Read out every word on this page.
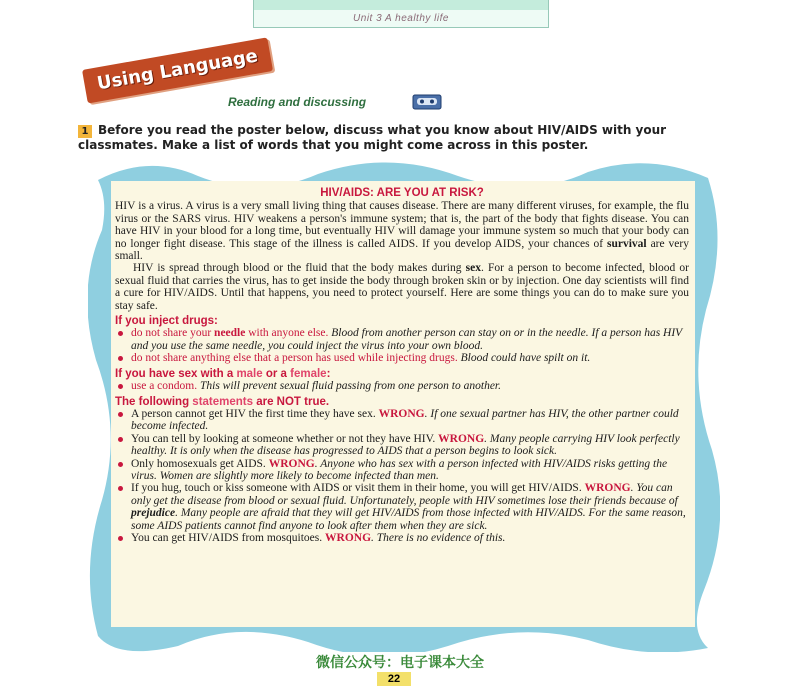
Unit 3 A healthy life
Using Language
Reading and discussing
1 Before you read the poster below, discuss what you know about HIV/AIDS with your classmates. Make a list of words that you might come across in this poster.
HIV/AIDS: ARE YOU AT RISK?

HIV is a virus. A virus is a very small living thing that causes disease. There are many different viruses, for example, the flu virus or the SARS virus. HIV weakens a person's immune system; that is, the part of the body that fights disease. You can have HIV in your blood for a long time, but eventually HIV will damage your immune system so much that your body can no longer fight disease. This stage of the illness is called AIDS. If you develop AIDS, your chances of survival are very small.

HIV is spread through blood or the fluid that the body makes during sex. For a person to become infected, blood or sexual fluid that carries the virus, has to get inside the body through broken skin or by injection. One day scientists will find a cure for HIV/AIDS. Until that happens, you need to protect yourself. Here are some things you can do to make sure you stay safe.

If you inject drugs:
do not share your needle with anyone else. Blood from another person can stay on or in the needle. If a person has HIV and you use the same needle, you could inject the virus into your own blood.
do not share anything else that a person has used while injecting drugs. Blood could have spilt on it.
If you have sex with a male or a female:
use a condom. This will prevent sexual fluid passing from one person to another.
The following statements are NOT true.
A person cannot get HIV the first time they have sex. WRONG. If one sexual partner has HIV, the other partner could become infected.
You can tell by looking at someone whether or not they have HIV. WRONG. Many people carrying HIV look perfectly healthy. It is only when the disease has progressed to AIDS that a person begins to look sick.
Only homosexuals get AIDS. WRONG. Anyone who has sex with a person infected with HIV/AIDS risks getting the virus. Women are slightly more likely to become infected than men.
If you hug, touch or kiss someone with AIDS or visit them in their home, you will get HIV/AIDS. WRONG. You can only get the disease from blood or sexual fluid. Unfortunately, people with HIV sometimes lose their friends because of prejudice. Many people are afraid that they will get HIV/AIDS from those infected with HIV/AIDS. For the same reason, some AIDS patients cannot find anyone to look after them when they are sick.
You can get HIV/AIDS from mosquitoes. WRONG. There is no evidence of this.
微信公众号：电子课本大全
22
